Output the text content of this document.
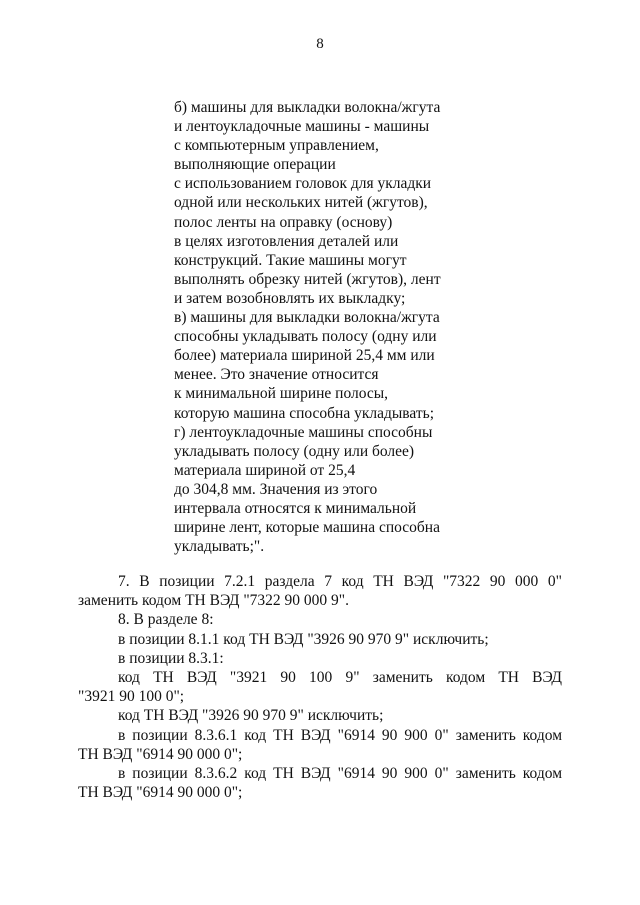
8
б) машины для выкладки волокна/жгута
и лентоукладочные машины - машины
с компьютерным управлением,
выполняющие операции
с использованием головок для укладки
одной или нескольких нитей (жгутов),
полос ленты на оправку (основу)
в целях изготовления деталей или
конструкций. Такие машины могут
выполнять обрезку нитей (жгутов), лент
и затем возобновлять их выкладку;
в) машины для выкладки волокна/жгута
способны укладывать полосу (одну или
более) материала шириной 25,4 мм или
менее. Это значение относится
к минимальной ширине полосы,
которую машина способна укладывать;
г) лентоукладочные машины способны
укладывать полосу (одну или более)
материала шириной от 25,4
до 304,8 мм. Значения из этого
интервала относятся к минимальной
ширине лент, которые машина способна
укладывать;".
7. В позиции 7.2.1 раздела 7 код ТН ВЭД "7322 90 000 0"
заменить кодом ТН ВЭД "7322 90 000 9".
8. В разделе 8:
в позиции 8.1.1 код ТН ВЭД "3926 90 970 9" исключить;
в позиции 8.3.1:
код ТН ВЭД "3921 90 100 9" заменить кодом ТН ВЭД
"3921 90 100 0";
код ТН ВЭД "3926 90 970 9" исключить;
в позиции 8.3.6.1 код ТН ВЭД "6914 90 900 0" заменить кодом
ТН ВЭД "6914 90 000 0";
в позиции 8.3.6.2 код ТН ВЭД "6914 90 900 0" заменить кодом
ТН ВЭД "6914 90 000 0";
